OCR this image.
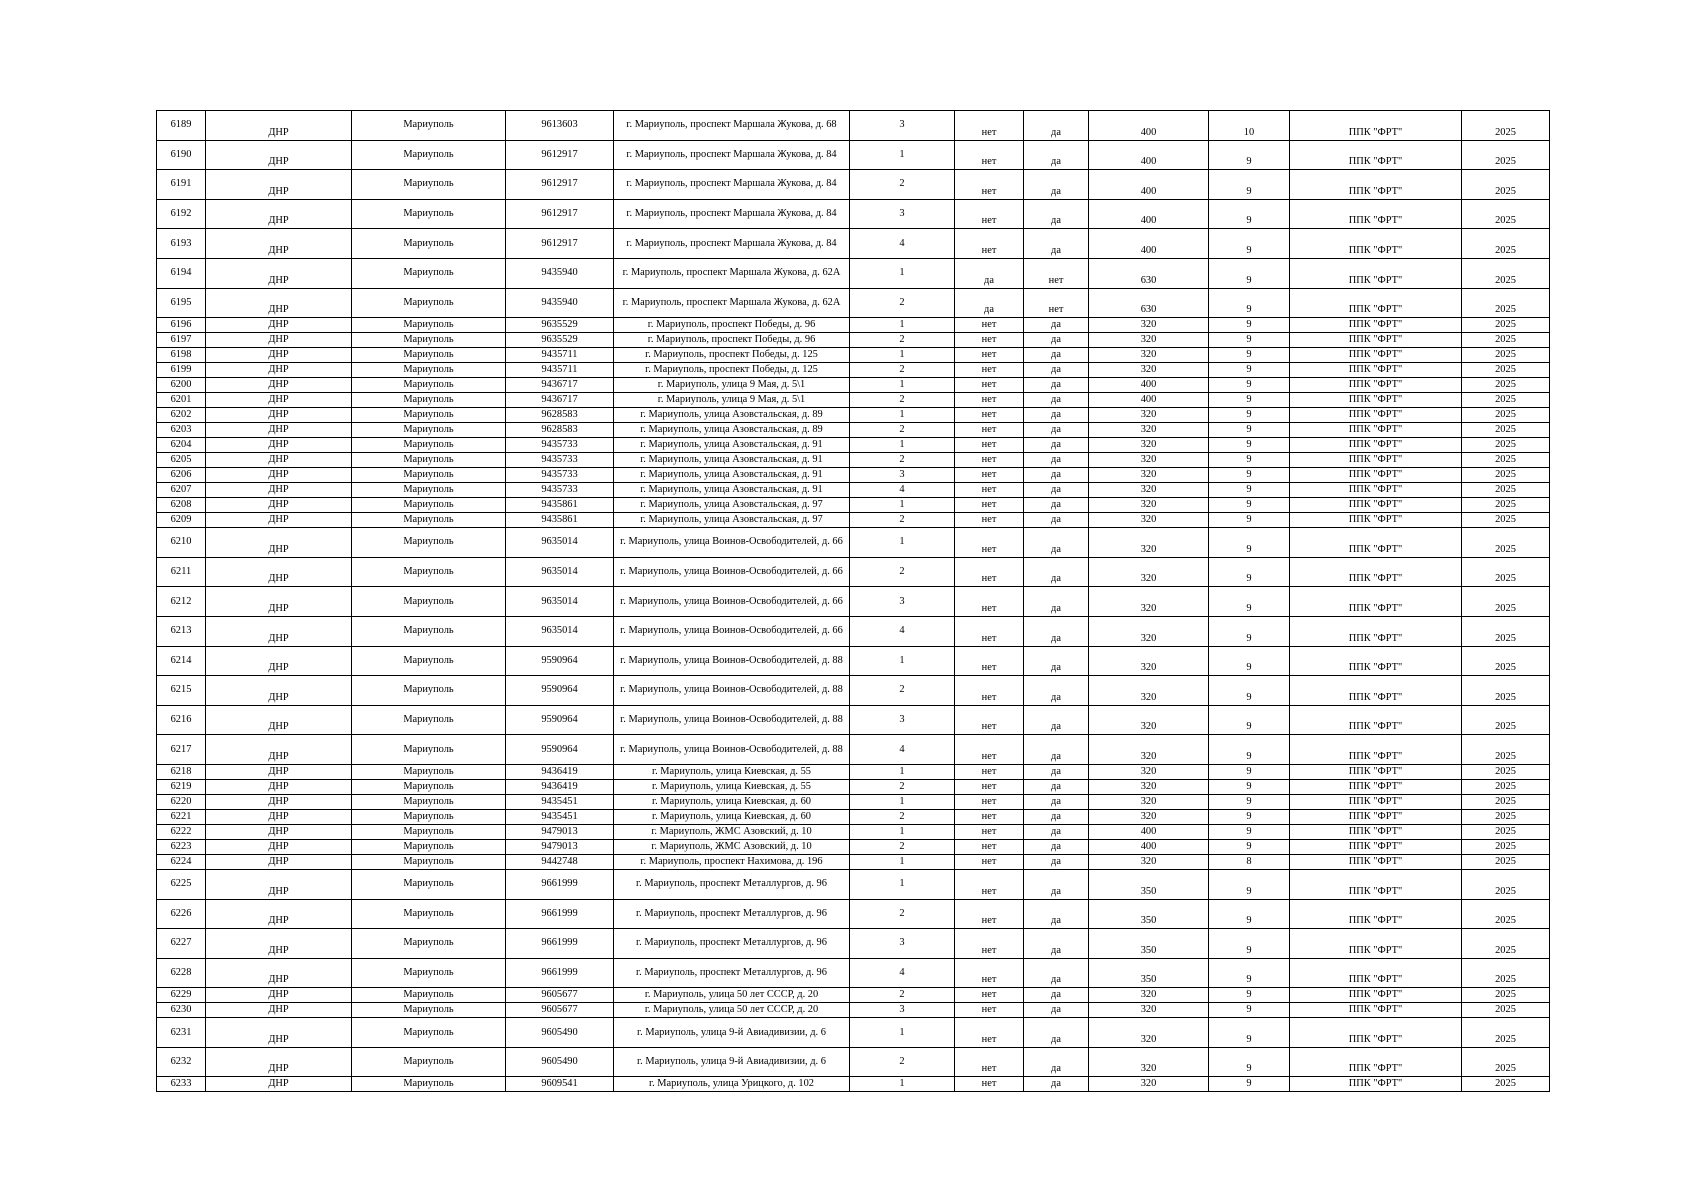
6189	ДНР	Мариуполь	9613603	г. Мариуполь, проспект Маршала Жукова, д. 68	3	нет	да	400	10	ППК "ФРТ"	2025
6190	ДНР	Мариуполь	9612917	г. Мариуполь, проспект Маршала Жукова, д. 84	1	нет	да	400	9	ППК "ФРТ"	2025
6191	ДНР	Мариуполь	9612917	г. Мариуполь, проспект Маршала Жукова, д. 84	2	нет	да	400	9	ППК "ФРТ"	2025
6192	ДНР	Мариуполь	9612917	г. Мариуполь, проспект Маршала Жукова, д. 84	3	нет	да	400	9	ППК "ФРТ"	2025
6193	ДНР	Мариуполь	9612917	г. Мариуполь, проспект Маршала Жукова, д. 84	4	нет	да	400	9	ППК "ФРТ"	2025
6194	ДНР	Мариуполь	9435940	г. Мариуполь, проспект Маршала Жукова, д. 62А	1	да	нет	630	9	ППК "ФРТ"	2025
6195	ДНР	Мариуполь	9435940	г. Мариуполь, проспект Маршала Жукова, д. 62А	2	да	нет	630	9	ППК "ФРТ"	2025
6196	ДНР	Мариуполь	9635529	г. Мариуполь, проспект Победы, д. 96	1	нет	да	320	9	ППК "ФРТ"	2025
6197	ДНР	Мариуполь	9635529	г. Мариуполь, проспект Победы, д. 96	2	нет	да	320	9	ППК "ФРТ"	2025
6198	ДНР	Мариуполь	9435711	г. Мариуполь, проспект Победы, д. 125	1	нет	да	320	9	ППК "ФРТ"	2025
6199	ДНР	Мариуполь	9435711	г. Мариуполь, проспект Победы, д. 125	2	нет	да	320	9	ППК "ФРТ"	2025
6200	ДНР	Мариуполь	9436717	г. Мариуполь, улица 9 Мая, д. 5\1	1	нет	да	400	9	ППК "ФРТ"	2025
6201	ДНР	Мариуполь	9436717	г. Мариуполь, улица 9 Мая, д. 5\1	2	нет	да	400	9	ППК "ФРТ"	2025
6202	ДНР	Мариуполь	9628583	г. Мариуполь, улица Азовстальская, д. 89	1	нет	да	320	9	ППК "ФРТ"	2025
6203	ДНР	Мариуполь	9628583	г. Мариуполь, улица Азовстальская, д. 89	2	нет	да	320	9	ППК "ФРТ"	2025
6204	ДНР	Мариуполь	9435733	г. Мариуполь, улица Азовстальская, д. 91	1	нет	да	320	9	ППК "ФРТ"	2025
6205	ДНР	Мариуполь	9435733	г. Мариуполь, улица Азовстальская, д. 91	2	нет	да	320	9	ППК "ФРТ"	2025
6206	ДНР	Мариуполь	9435733	г. Мариуполь, улица Азовстальская, д. 91	3	нет	да	320	9	ППК "ФРТ"	2025
6207	ДНР	Мариуполь	9435733	г. Мариуполь, улица Азовстальская, д. 91	4	нет	да	320	9	ППК "ФРТ"	2025
6208	ДНР	Мариуполь	9435861	г. Мариуполь, улица Азовстальская, д. 97	1	нет	да	320	9	ППК "ФРТ"	2025
6209	ДНР	Мариуполь	9435861	г. Мариуполь, улица Азовстальская, д. 97	2	нет	да	320	9	ППК "ФРТ"	2025
6210	ДНР	Мариуполь	9635014	г. Мариуполь, улица Воинов-Освободителей, д. 66	1	нет	да	320	9	ППК "ФРТ"	2025
6211	ДНР	Мариуполь	9635014	г. Мариуполь, улица Воинов-Освободителей, д. 66	2	нет	да	320	9	ППК "ФРТ"	2025
6212	ДНР	Мариуполь	9635014	г. Мариуполь, улица Воинов-Освободителей, д. 66	3	нет	да	320	9	ППК "ФРТ"	2025
6213	ДНР	Мариуполь	9635014	г. Мариуполь, улица Воинов-Освободителей, д. 66	4	нет	да	320	9	ППК "ФРТ"	2025
6214	ДНР	Мариуполь	9590964	г. Мариуполь, улица Воинов-Освободителей, д. 88	1	нет	да	320	9	ППК "ФРТ"	2025
6215	ДНР	Мариуполь	9590964	г. Мариуполь, улица Воинов-Освободителей, д. 88	2	нет	да	320	9	ППК "ФРТ"	2025
6216	ДНР	Мариуполь	9590964	г. Мариуполь, улица Воинов-Освободителей, д. 88	3	нет	да	320	9	ППК "ФРТ"	2025
6217	ДНР	Мариуполь	9590964	г. Мариуполь, улица Воинов-Освободителей, д. 88	4	нет	да	320	9	ППК "ФРТ"	2025
6218	ДНР	Мариуполь	9436419	г. Мариуполь, улица Киевская, д. 55	1	нет	да	320	9	ППК "ФРТ"	2025
6219	ДНР	Мариуполь	9436419	г. Мариуполь, улица Киевская, д. 55	2	нет	да	320	9	ППК "ФРТ"	2025
6220	ДНР	Мариуполь	9435451	г. Мариуполь, улица Киевская, д. 60	1	нет	да	320	9	ППК "ФРТ"	2025
6221	ДНР	Мариуполь	9435451	г. Мариуполь, улица Киевская, д. 60	2	нет	да	320	9	ППК "ФРТ"	2025
6222	ДНР	Мариуполь	9479013	г. Мариуполь, ЖМС Азовский, д. 10	1	нет	да	400	9	ППК "ФРТ"	2025
6223	ДНР	Мариуполь	9479013	г. Мариуполь, ЖМС Азовский, д. 10	2	нет	да	400	9	ППК "ФРТ"	2025
6224	ДНР	Мариуполь	9442748	г. Мариуполь, проспект Нахимова, д. 196	1	нет	да	320	8	ППК "ФРТ"	2025
6225	ДНР	Мариуполь	9661999	г. Мариуполь, проспект Металлургов, д. 96	1	нет	да	350	9	ППК "ФРТ"	2025
6226	ДНР	Мариуполь	9661999	г. Мариуполь, проспект Металлургов, д. 96	2	нет	да	350	9	ППК "ФРТ"	2025
6227	ДНР	Мариуполь	9661999	г. Мариуполь, проспект Металлургов, д. 96	3	нет	да	350	9	ППК "ФРТ"	2025
6228	ДНР	Мариуполь	9661999	г. Мариуполь, проспект Металлургов, д. 96	4	нет	да	350	9	ППК "ФРТ"	2025
6229	ДНР	Мариуполь	9605677	г. Мариуполь, улица 50 лет СССР, д. 20	2	нет	да	320	9	ППК "ФРТ"	2025
6230	ДНР	Мариуполь	9605677	г. Мариуполь, улица 50 лет СССР, д. 20	3	нет	да	320	9	ППК "ФРТ"	2025
6231	ДНР	Мариуполь	9605490	г. Мариуполь, улица 9-й Авиадивизии, д. 6	1	нет	да	320	9	ППК "ФРТ"	2025
6232	ДНР	Мариуполь	9605490	г. Мариуполь, улица 9-й Авиадивизии, д. 6	2	нет	да	320	9	ППК "ФРТ"	2025
6233	ДНР	Мариуполь	9609541	г. Мариуполь, улица Урицкого, д. 102	1	нет	да	320	9	ППК "ФРТ"	2025
